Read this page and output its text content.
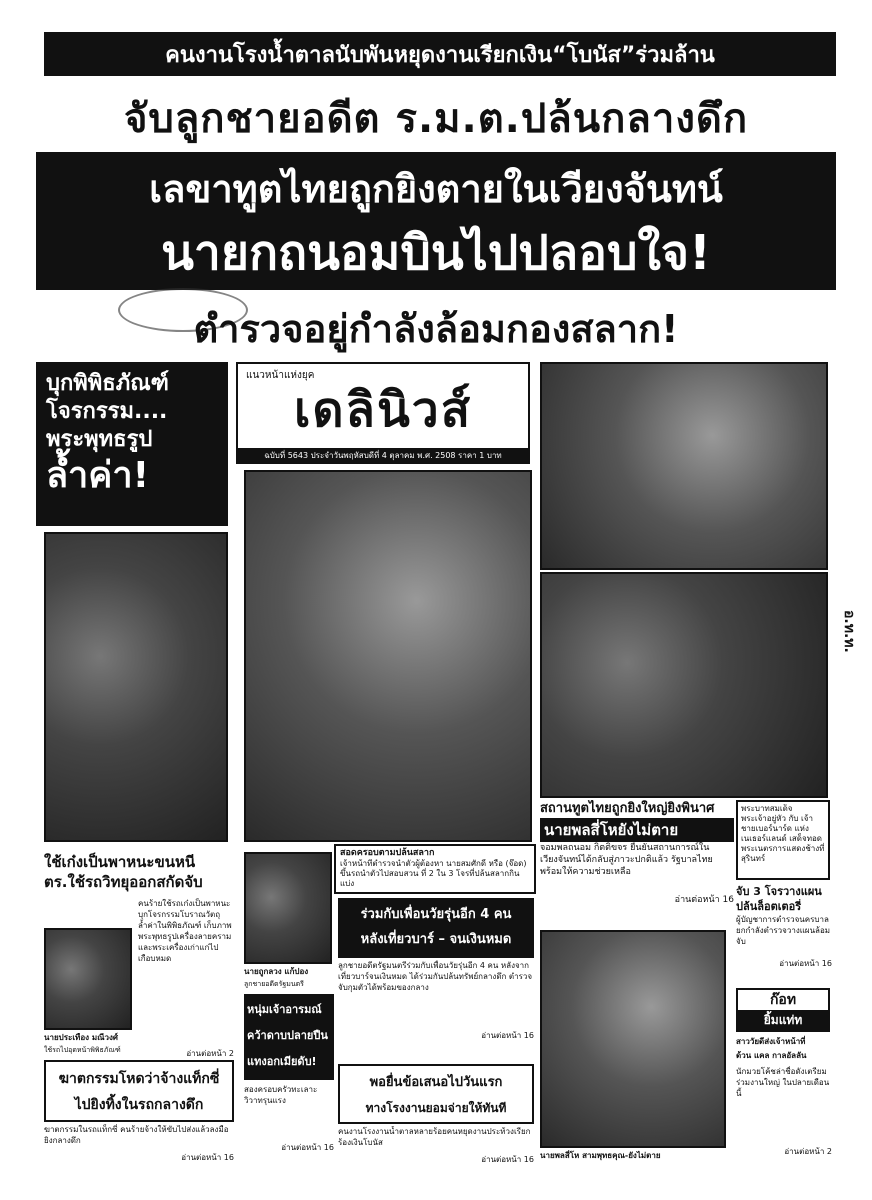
คนงานโรงน้ำตาลนับพันหยุดงานเรียกเงิน“โบนัส”ร่วมล้าน
จับลูกชายอดีต ร.ม.ต.ปล้นกลางดึก
เลขาทูตไทยถูกยิงตายในเวียงจันทน์
นายกถนอมบินไปปลอบใจ!
ตำรวจอยู่กำลังล้อมกองสลาก!
บุกพิพิธภัณฑ์
โจรกรรม....
พระพุทธรูป
ล้ำค่า!
แนวหน้าแห่งยุค
เดลินิวส์
ฉบับที่ 5643 ประจำวันพฤหัสบดีที่ 4 ตุลาคม พ.ศ. 2508 ราคา 1 บาท
อ.ท.ท.
สอดครอบตามปล้นสลาก
เจ้าหน้าที่ตำรวจนำตัวผู้ต้องหา นายสมศักดิ์ หรือ (จ๊อด) ขึ้นรถนำตัวไปสอบสวน ที่ 2 ใน 3 โจรที่ปล้นสลากกินแบ่ง
สถานทูตไทยถูกยิงใหญ่ยิงพินาศ
นายพลสี่โหยังไม่ตาย
จอมพลถนอม กิตติขจร ยืนยันสถานการณ์ในเวียงจันทน์ได้กลับสู่ภาวะปกติแล้ว รัฐบาลไทยพร้อมให้ความช่วยเหลือ
อ่านต่อหน้า 16
พระบาทสมเด็จพระเจ้าอยู่หัว กับ เจ้าชายเบอร์นาร์ด แห่งเนเธอร์แลนด์ เสด็จทอดพระเนตรการแสดงช้างที่สุรินทร์
จับ 3 โจรวางแผน
ปล้นล็อตเตอรี่
ผู้บัญชาการตำรวจนครบาล ยกกำลังตำรวจวางแผนล้อมจับ
อ่านต่อหน้า 16
ใช้เก๋งเป็นพาหนะขนหนี
ตร.ใช้รถวิทยุออกสกัดจับ
คนร้ายใช้รถเก๋งเป็นพาหนะบุกโจรกรรมโบราณวัตถุล้ำค่าในพิพิธภัณฑ์ เก็บภาพพระพุทธรูปเครื่องลายคราม และพระเครื่องเก่าแก่ไปเกือบหมด
นายประเทือง มณีวงศ์
ใช้รถไปอุดหน้าพิพิธภัณฑ์	อ่านต่อหน้า 2
นายถูกลวง แก้ปอง
ลูกชายอดีตรัฐมนตรี
ร่วมกับเพื่อนวัยรุ่นอีก 4 คน
หลังเที่ยวบาร์ – จนเงินหมด
ลูกชายอดีตรัฐมนตรีร่วมกับเพื่อนวัยรุ่นอีก 4 คน หลังจากเที่ยวบาร์จนเงินหมด ได้ร่วมกันปล้นทรัพย์กลางดึก ตำรวจจับกุมตัวได้พร้อมของกลาง
อ่านต่อหน้า 16
หนุ่มเจ้าอารมณ์
คว้าดาบปลายปืน
แทงอกเมียดับ!
สองครอบครัวทะเลาะวิวาทรุนแรง
อ่านต่อหน้า 16
ฆาตกรรมโหดว่าจ้างแท็กซี่
ไปยิงทิ้งในรถกลางดึก
ฆาตกรรมในรถแท็กซี่ คนร้ายจ้างให้ขับไปส่งแล้วลงมือยิงกลางดึก
อ่านต่อหน้า 16
พอยื่นข้อเสนอไปวันแรก
ทางโรงงานยอมจ่ายให้ทันที
คนงานโรงงานน้ำตาลหลายร้อยคนหยุดงานประท้วงเรียกร้องเงินโบนัส
อ่านต่อหน้า 16 นายพลสี่โห สามพุทธคุณ-ยังไม่ตาย
ก๊อท
ยิ้มแท่ท
สาววัยดีส่งเจ้าหน้าที่
ด้วน แคล กาลอัลลัน
นักมวยโค้ชล่าชื่อดังเตรียมร่วมงานใหญ่ ในปลายเดือนนี้
อ่านต่อหน้า 2
